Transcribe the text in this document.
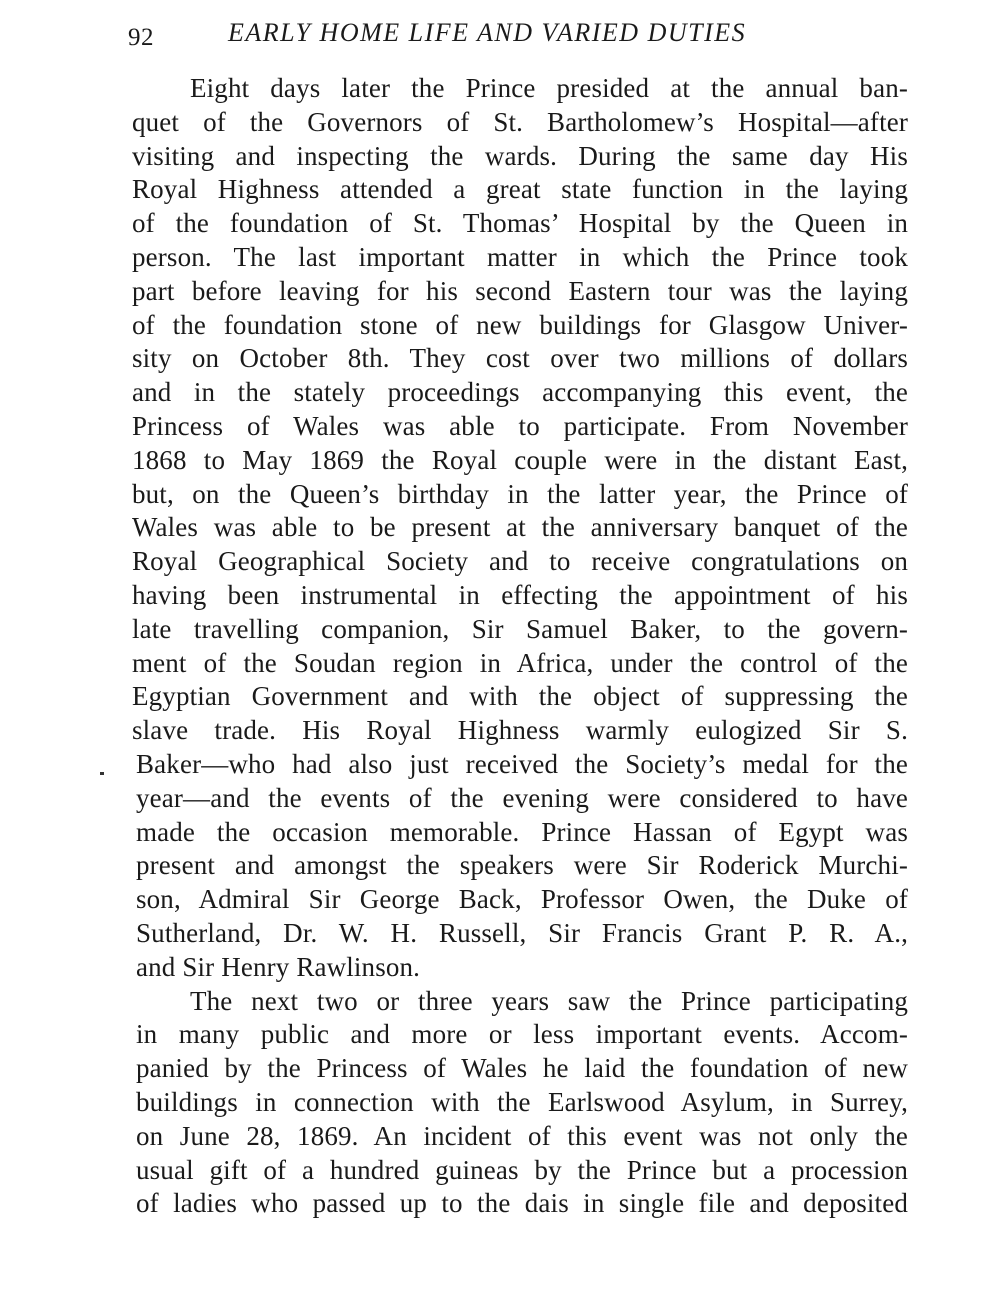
92	EARLY HOME LIFE AND VARIED DUTIES
Eight days later the Prince presided at the annual ban-
quet of the Governors of St. Bartholomew’s Hospital—after
visiting and inspecting the wards. During the same day His
Royal Highness attended a great state function in the laying
of the foundation of St. Thomas’ Hospital by the Queen in
person. The last important matter in which the Prince took
part before leaving for his second Eastern tour was the laying
of the foundation stone of new buildings for Glasgow Univer-
sity on October 8th. They cost over two millions of dollars
and in the stately proceedings accompanying this event, the
Princess of Wales was able to participate. From November
1868 to May 1869 the Royal couple were in the distant East,
but, on the Queen’s birthday in the latter year, the Prince of
Wales was able to be present at the anniversary banquet of the
Royal Geographical Society and to receive congratulations on
having been instrumental in effecting the appointment of his
late travelling companion, Sir Samuel Baker, to the govern-
ment of the Soudan region in Africa, under the control of the
Egyptian Government and with the object of suppressing the
slave trade. His Royal Highness warmly eulogized Sir S.
Baker—who had also just received the Society’s medal for the
year—and the events of the evening were considered to have
made the occasion memorable. Prince Hassan of Egypt was
present and amongst the speakers were Sir Roderick Murchi-
son, Admiral Sir George Back, Professor Owen, the Duke of
Sutherland, Dr. W. H. Russell, Sir Francis Grant P. R. A.,
and Sir Henry Rawlinson.
The next two or three years saw the Prince participating
in many public and more or less important events. Accom-
panied by the Princess of Wales he laid the foundation of new
buildings in connection with the Earlswood Asylum, in Surrey,
on June 28, 1869. An incident of this event was not only the
usual gift of a hundred guineas by the Prince but a procession
of ladies who passed up to the dais in single file and deposited
